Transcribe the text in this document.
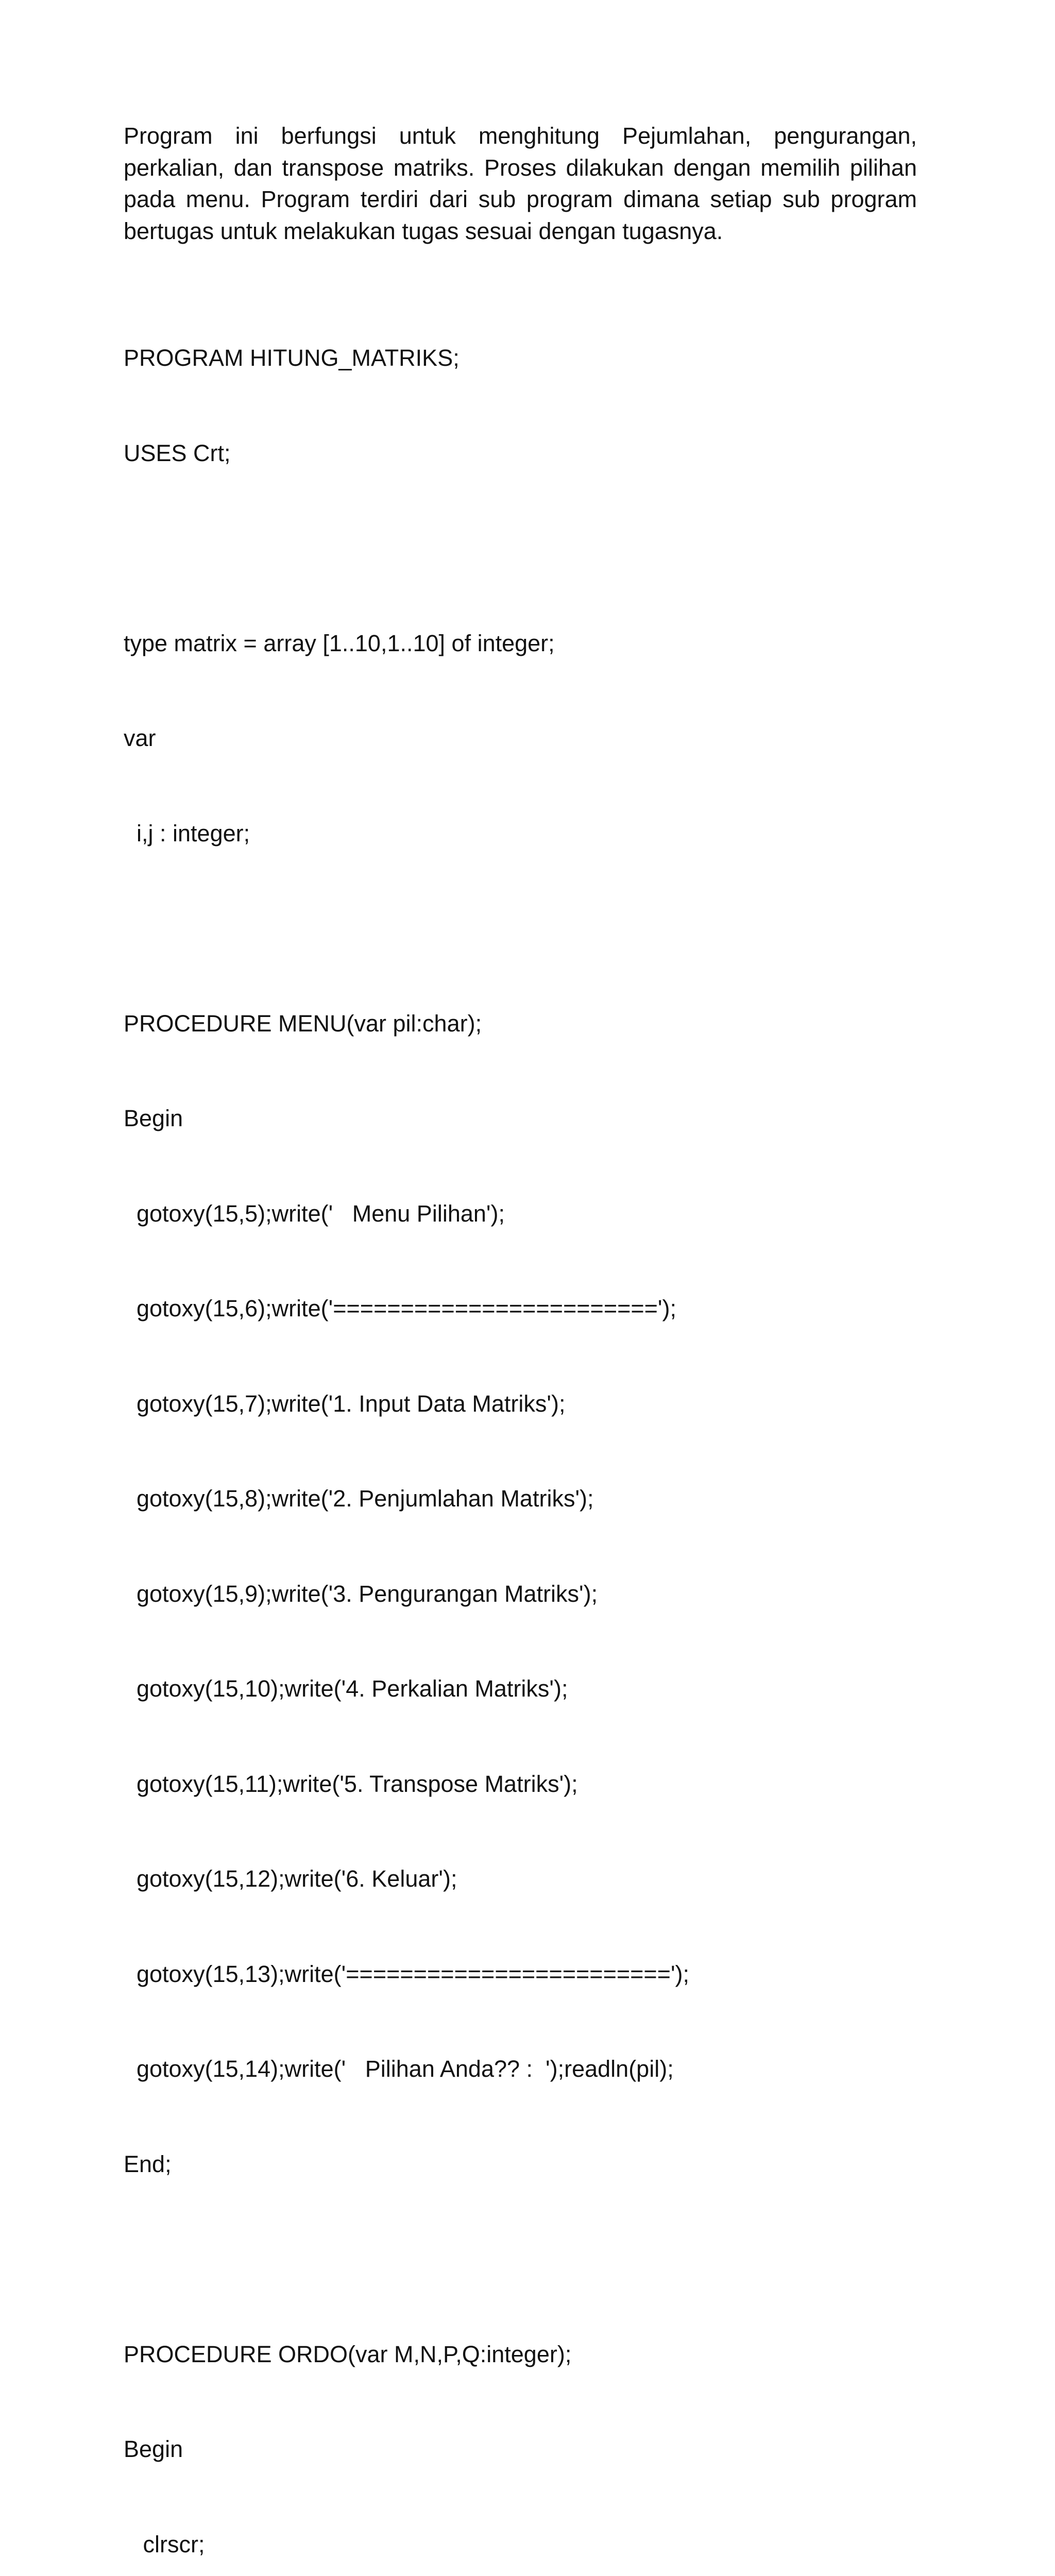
Program ini berfungsi untuk menghitung Pejumlahan, pengurangan, perkalian, dan transpose matriks. Proses dilakukan dengan memilih pilihan pada menu. Program terdiri dari sub program dimana setiap sub program bertugas untuk melakukan tugas sesuai dengan tugasnya.

PROGRAM HITUNG_MATRIKS;

USES Crt;

type matrix = array [1..10,1..10] of integer;

var

i,j : integer;

PROCEDURE MENU(var pil:char);

Begin

gotoxy(15,5);write('   Menu Pilihan');

gotoxy(15,6);write('========================');

gotoxy(15,7);write('1. Input Data Matriks');

gotoxy(15,8);write('2. Penjumlahan Matriks');

gotoxy(15,9);write('3. Pengurangan Matriks');

gotoxy(15,10);write('4. Perkalian Matriks');

gotoxy(15,11);write('5. Transpose Matriks');

gotoxy(15,12);write('6. Keluar');

gotoxy(15,13);write('========================');

gotoxy(15,14);write('   Pilihan Anda?? :  ');readln(pil);

End;

PROCEDURE ORDO(var M,N,P,Q:integer);

Begin

clrscr;
